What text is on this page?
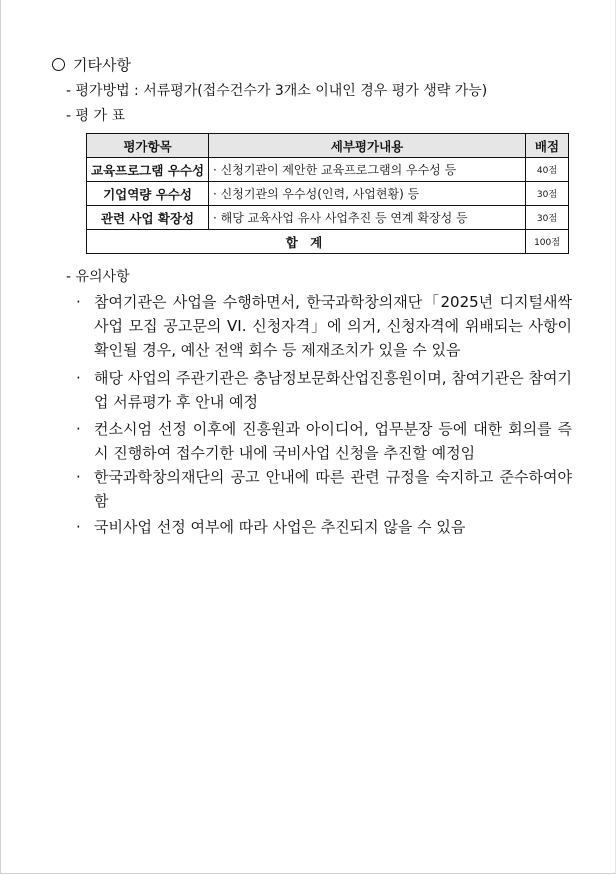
기타사항
- 평가방법 : 서류평가(접수건수가 3개소 이내인 경우 평가 생략 가능)
- 평 가 표
평가항목	세부평가내용	배점
교육프로그램 우수성	· 신청기관이 제안한 교육프로그램의 우수성 등	40점
기업역량 우수성	· 신청기관의 우수성(인력, 사업현황) 등	30점
관련 사업 확장성	· 해당 교육사업 유사 사업추진 등 연계 확장성 등	30점
합 계		100점
- 유의사항
· 참여기관은 사업을 수행하면서, 한국과학창의재단「2025년 디지털새싹 사업 모집 공고문의 VI. 신청자격」에 의거, 신청자격에 위배되는 사항이 확인될 경우, 예산 전액 회수 등 제재조치가 있을 수 있음
· 해당 사업의 주관기관은 충남정보문화산업진흥원이며, 참여기관은 참여기업 서류평가 후 안내 예정
· 컨소시엄 선정 이후에 진흥원과 아이디어, 업무분장 등에 대한 회의를 즉시 진행하여 접수기한 내에 국비사업 신청을 추진할 예정임
· 한국과학창의재단의 공고 안내에 따른 관련 규정을 숙지하고 준수하여야 함
· 국비사업 선정 여부에 따라 사업은 추진되지 않을 수 있음
